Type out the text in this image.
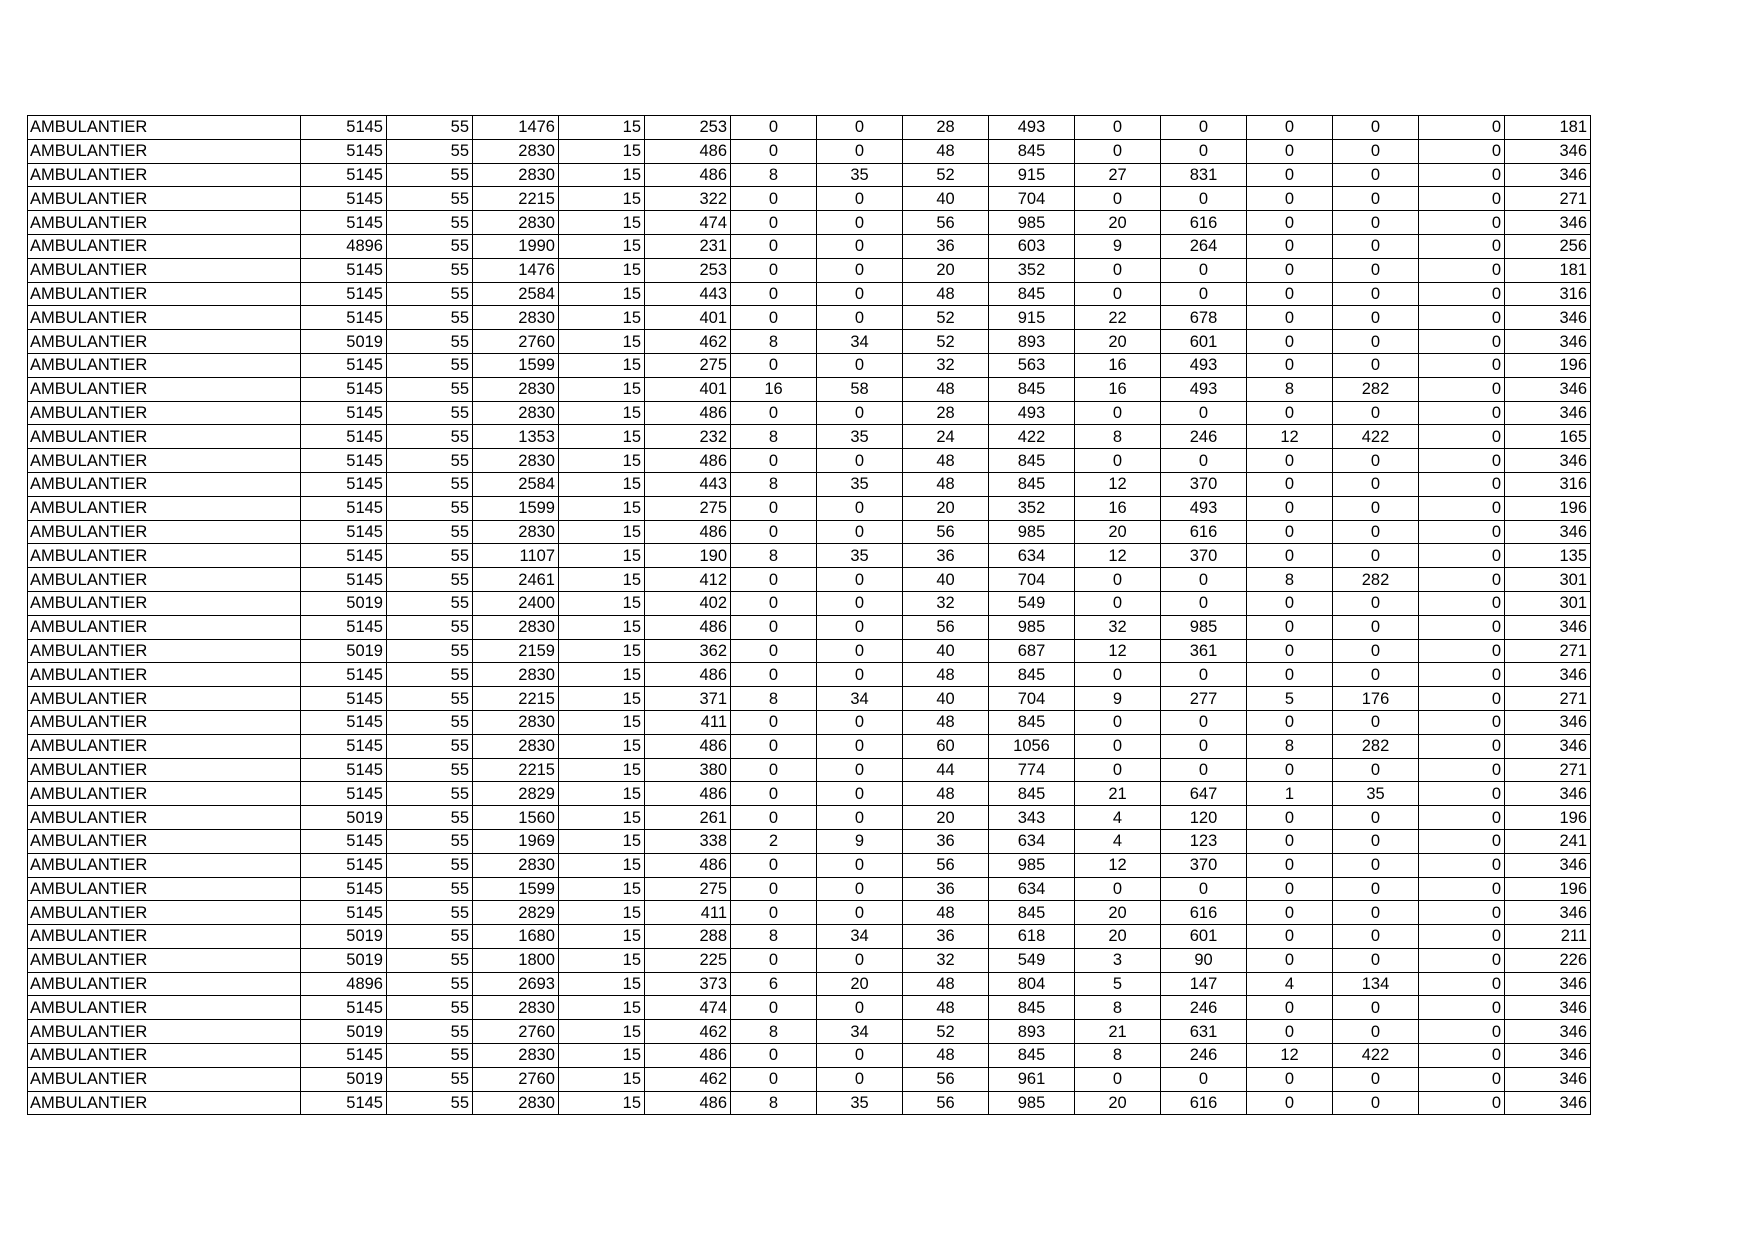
AMBULANTIER	5145	55	1476	15	253	0	0	28	493	0	0	0	0	0	181
AMBULANTIER	5145	55	2830	15	486	0	0	48	845	0	0	0	0	0	346
AMBULANTIER	5145	55	2830	15	486	8	35	52	915	27	831	0	0	0	346
AMBULANTIER	5145	55	2215	15	322	0	0	40	704	0	0	0	0	0	271
AMBULANTIER	5145	55	2830	15	474	0	0	56	985	20	616	0	0	0	346
AMBULANTIER	4896	55	1990	15	231	0	0	36	603	9	264	0	0	0	256
AMBULANTIER	5145	55	1476	15	253	0	0	20	352	0	0	0	0	0	181
AMBULANTIER	5145	55	2584	15	443	0	0	48	845	0	0	0	0	0	316
AMBULANTIER	5145	55	2830	15	401	0	0	52	915	22	678	0	0	0	346
AMBULANTIER	5019	55	2760	15	462	8	34	52	893	20	601	0	0	0	346
AMBULANTIER	5145	55	1599	15	275	0	0	32	563	16	493	0	0	0	196
AMBULANTIER	5145	55	2830	15	401	16	58	48	845	16	493	8	282	0	346
AMBULANTIER	5145	55	2830	15	486	0	0	28	493	0	0	0	0	0	346
AMBULANTIER	5145	55	1353	15	232	8	35	24	422	8	246	12	422	0	165
AMBULANTIER	5145	55	2830	15	486	0	0	48	845	0	0	0	0	0	346
AMBULANTIER	5145	55	2584	15	443	8	35	48	845	12	370	0	0	0	316
AMBULANTIER	5145	55	1599	15	275	0	0	20	352	16	493	0	0	0	196
AMBULANTIER	5145	55	2830	15	486	0	0	56	985	20	616	0	0	0	346
AMBULANTIER	5145	55	1107	15	190	8	35	36	634	12	370	0	0	0	135
AMBULANTIER	5145	55	2461	15	412	0	0	40	704	0	0	8	282	0	301
AMBULANTIER	5019	55	2400	15	402	0	0	32	549	0	0	0	0	0	301
AMBULANTIER	5145	55	2830	15	486	0	0	56	985	32	985	0	0	0	346
AMBULANTIER	5019	55	2159	15	362	0	0	40	687	12	361	0	0	0	271
AMBULANTIER	5145	55	2830	15	486	0	0	48	845	0	0	0	0	0	346
AMBULANTIER	5145	55	2215	15	371	8	34	40	704	9	277	5	176	0	271
AMBULANTIER	5145	55	2830	15	411	0	0	48	845	0	0	0	0	0	346
AMBULANTIER	5145	55	2830	15	486	0	0	60	1056	0	0	8	282	0	346
AMBULANTIER	5145	55	2215	15	380	0	0	44	774	0	0	0	0	0	271
AMBULANTIER	5145	55	2829	15	486	0	0	48	845	21	647	1	35	0	346
AMBULANTIER	5019	55	1560	15	261	0	0	20	343	4	120	0	0	0	196
AMBULANTIER	5145	55	1969	15	338	2	9	36	634	4	123	0	0	0	241
AMBULANTIER	5145	55	2830	15	486	0	0	56	985	12	370	0	0	0	346
AMBULANTIER	5145	55	1599	15	275	0	0	36	634	0	0	0	0	0	196
AMBULANTIER	5145	55	2829	15	411	0	0	48	845	20	616	0	0	0	346
AMBULANTIER	5019	55	1680	15	288	8	34	36	618	20	601	0	0	0	211
AMBULANTIER	5019	55	1800	15	225	0	0	32	549	3	90	0	0	0	226
AMBULANTIER	4896	55	2693	15	373	6	20	48	804	5	147	4	134	0	346
AMBULANTIER	5145	55	2830	15	474	0	0	48	845	8	246	0	0	0	346
AMBULANTIER	5019	55	2760	15	462	8	34	52	893	21	631	0	0	0	346
AMBULANTIER	5145	55	2830	15	486	0	0	48	845	8	246	12	422	0	346
AMBULANTIER	5019	55	2760	15	462	0	0	56	961	0	0	0	0	0	346
AMBULANTIER	5145	55	2830	15	486	8	35	56	985	20	616	0	0	0	346
